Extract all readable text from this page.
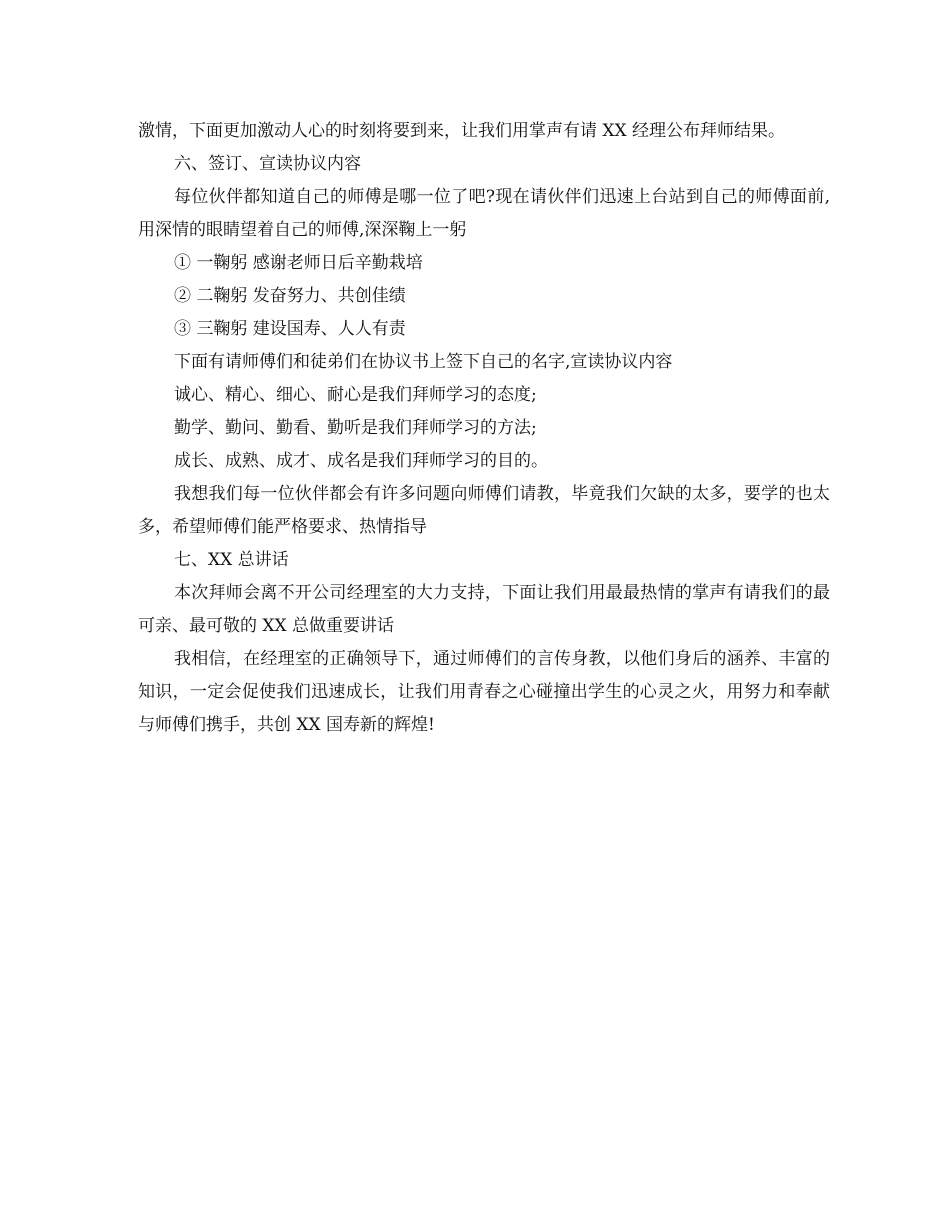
激情，下面更加激动人心的时刻将要到来，让我们用掌声有请 XX 经理公布拜师结果。

六、签订、宣读协议内容

每位伙伴都知道自己的师傅是哪一位了吧?现在请伙伴们迅速上台站到自己的师傅面前,用深情的眼睛望着自己的师傅,深深鞠上一躬

① 一鞠躬 感谢老师日后辛勤栽培

② 二鞠躬 发奋努力、共创佳绩

③ 三鞠躬 建设国寿、人人有责

下面有请师傅们和徒弟们在协议书上签下自己的名字,宣读协议内容

诚心、精心、细心、耐心是我们拜师学习的态度;

勤学、勤问、勤看、勤听是我们拜师学习的方法;

成长、成熟、成才、成名是我们拜师学习的目的。

我想我们每一位伙伴都会有许多问题向师傅们请教，毕竟我们欠缺的太多，要学的也太多，希望师傅们能严格要求、热情指导

七、XX 总讲话

本次拜师会离不开公司经理室的大力支持，下面让我们用最最热情的掌声有请我们的最可亲、最可敬的 XX 总做重要讲话

我相信，在经理室的正确领导下，通过师傅们的言传身教，以他们身后的涵养、丰富的知识，一定会促使我们迅速成长，让我们用青春之心碰撞出学生的心灵之火，用努力和奉献与师傅们携手，共创 XX 国寿新的辉煌!
